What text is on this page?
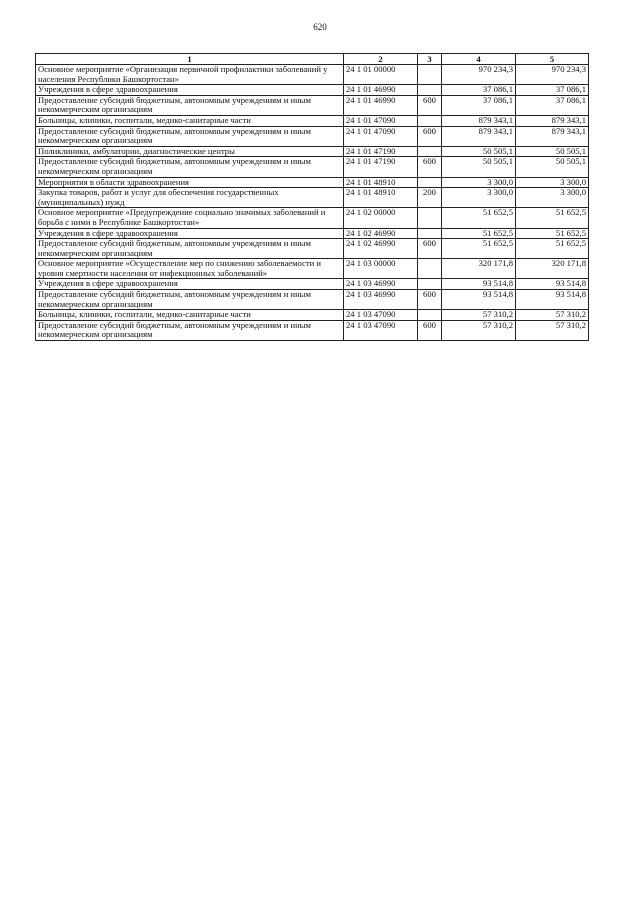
620
1	2	3	4	5
Основное мероприятие «Организация первичной профилактики заболеваний у населения Республики Башкортостан»	24 1 01 00000		970 234,3	970 234,3
Учреждения в сфере здравоохранения	24 1 01 46990		37 086,1	37 086,1
Предоставление субсидий бюджетным, автономным учреждениям и иным некоммерческим организациям	24 1 01 46990	600	37 086,1	37 086,1
Больницы, клиники, госпитали, медико-санитарные части	24 1 01 47090		879 343,1	879 343,1
Предоставление субсидий бюджетным, автономным учреждениям и иным некоммерческим организациям	24 1 01 47090	600	879 343,1	879 343,1
Поликлиники, амбулатории, диагностические центры	24 1 01 47190		50 505,1	50 505,1
Предоставление субсидий бюджетным, автономным учреждениям и иным некоммерческим организациям	24 1 01 47190	600	50 505,1	50 505,1
Мероприятия в области здравоохранения	24 1 01 48910		3 300,0	3 300,0
Закупка товаров, работ и услуг для обеспечения государственных (муниципальных) нужд	24 1 01 48910	200	3 300,0	3 300,0
Основное мероприятие «Предупреждение социально значимых заболеваний и борьба с ними в Республике Башкортостан»	24 1 02 00000		51 652,5	51 652,5
Учреждения в сфере здравоохранения	24 1 02 46990		51 652,5	51 652,5
Предоставление субсидий бюджетным, автономным учреждениям и иным некоммерческим организациям	24 1 02 46990	600	51 652,5	51 652,5
Основное мероприятие «Осуществление мер по снижению заболеваемости и уровня смертности населения от инфекционных заболеваний»	24 1 03 00000		320 171,8	320 171,8
Учреждения в сфере здравоохранения	24 1 03 46990		93 514,8	93 514,8
Предоставление субсидий бюджетным, автономным учреждениям и иным некоммерческим организациям	24 1 03 46990	600	93 514,8	93 514,8
Больницы, клиники, госпитали, медико-санитарные части	24 1 03 47090		57 310,2	57 310,2
Предоставление субсидий бюджетным, автономным учреждениям и иным некоммерческим организациям	24 1 03 47090	600	57 310,2	57 310,2
